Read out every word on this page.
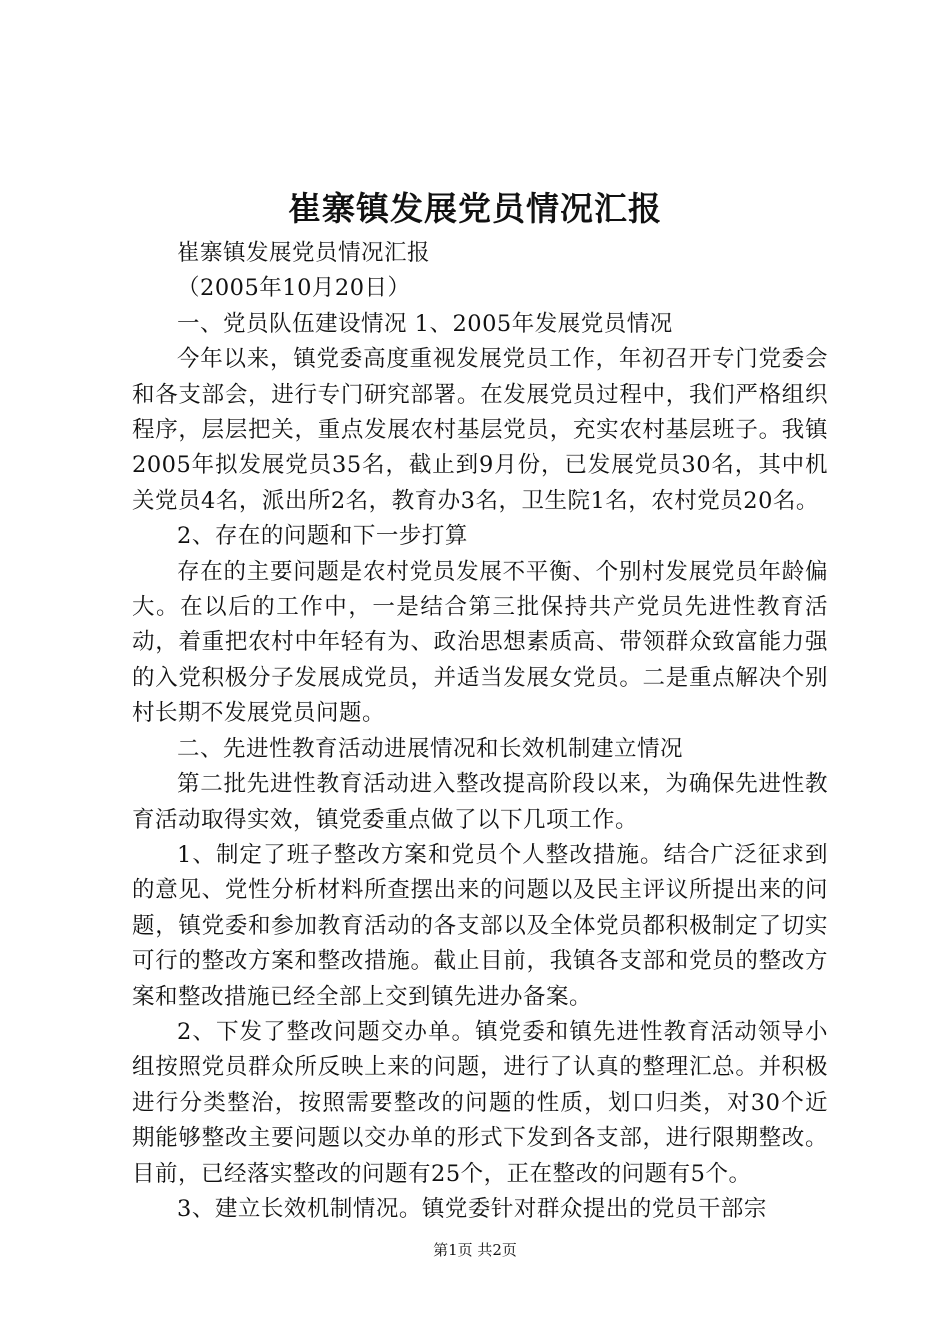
崔寨镇发展党员情况汇报

崔寨镇发展党员情况汇报

（2005年10月20日）

一、党员队伍建设情况 1、2005年发展党员情况

今年以来，镇党委高度重视发展党员工作，年初召开专门党委会和各支部会，进行专门研究部署。在发展党员过程中，我们严格组织程序，层层把关，重点发展农村基层党员，充实农村基层班子。我镇2005年拟发展党员35名，截止到9月份，已发展党员30名，其中机关党员4名，派出所2名，教育办3名，卫生院1名，农村党员20名。

2、存在的问题和下一步打算

存在的主要问题是农村党员发展不平衡、个别村发展党员年龄偏大。在以后的工作中，一是结合第三批保持共产党员先进性教育活动，着重把农村中年轻有为、政治思想素质高、带领群众致富能力强的入党积极分子发展成党员，并适当发展女党员。二是重点解决个别村长期不发展党员问题。

二、先进性教育活动进展情况和长效机制建立情况

第二批先进性教育活动进入整改提高阶段以来，为确保先进性教育活动取得实效，镇党委重点做了以下几项工作。

1、制定了班子整改方案和党员个人整改措施。结合广泛征求到的意见、党性分析材料所查摆出来的问题以及民主评议所提出来的问题，镇党委和参加教育活动的各支部以及全体党员都积极制定了切实可行的整改方案和整改措施。截止目前，我镇各支部和党员的整改方案和整改措施已经全部上交到镇先进办备案。

2、下发了整改问题交办单。镇党委和镇先进性教育活动领导小组按照党员群众所反映上来的问题，进行了认真的整理汇总。并积极进行分类整治，按照需要整改的问题的性质，划口归类，对30个近期能够整改主要问题以交办单的形式下发到各支部，进行限期整改。目前，已经落实整改的问题有25个，正在整改的问题有5个。

3、建立长效机制情况。镇党委针对群众提出的党员干部宗

第1页 共2页
